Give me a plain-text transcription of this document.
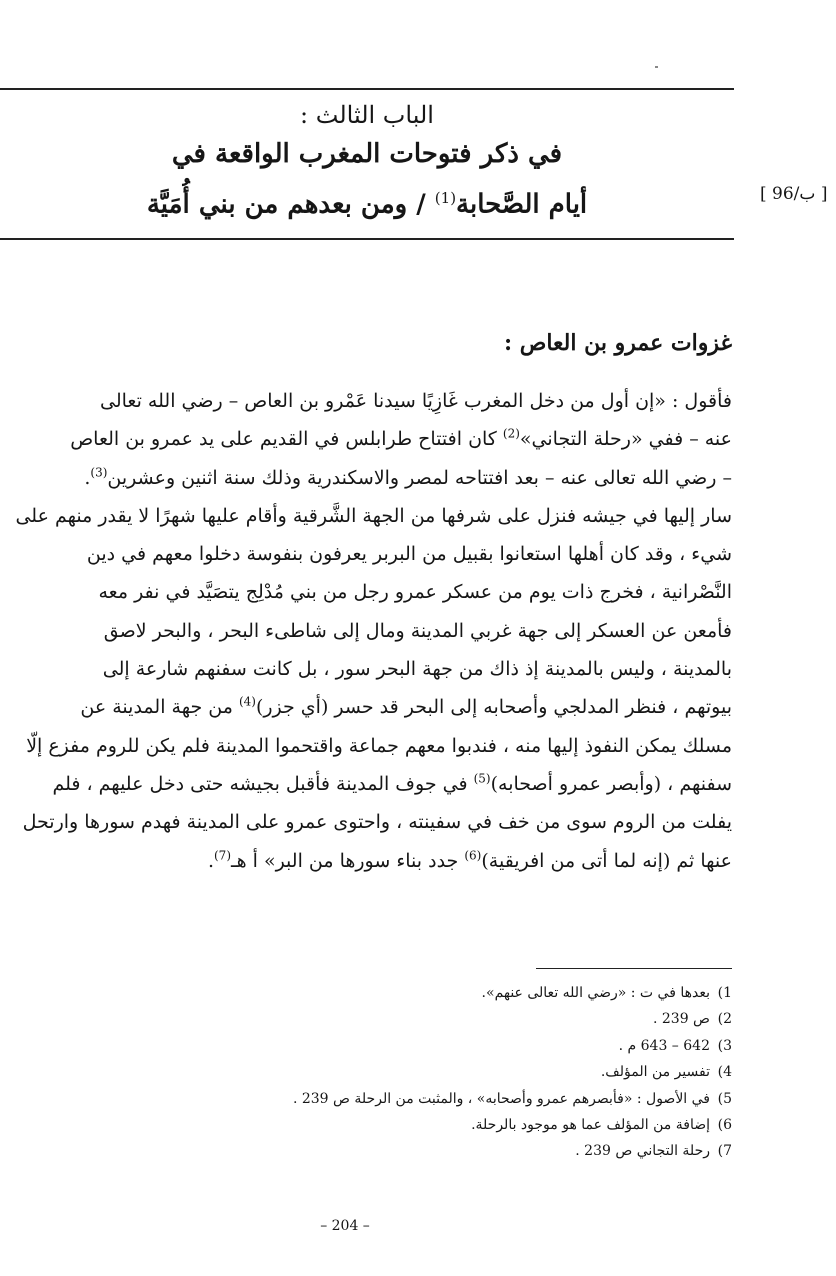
الباب الثالث :
في ذكر فتوحات المغرب الواقعة في
أيام الصَّحابة$^{(1)}$ / ومن بعدهم من بني أُمَيَّة	[ 96/ب ]
غزوات عمرو بن العاص :

فأقول : «إن أول من دخل المغرب غَازِيًا سيدنا عَمْرو بن العاص – رضي الله تعالى

عنه – ففي «رحلة التجاني»$^{(2)}$ كان افتتاح طرابلس في القديم على يد عمرو بن العاص

– رضي الله تعالى عنه – بعد افتتاحه لمصر والاسكندرية وذلك سنة اثنين وعشرين$^{(3)}$.

سار إليها في جيشه فنزل على شرفها من الجهة الشَّرقية وأقام عليها شهرًا لا يقدر منهم على

شيء ، وقد كان أهلها استعانوا بقبيل من البربر يعرفون بنفوسة دخلوا معهم في دين

النَّصْرانية ، فخرج ذات يوم من عسكر عمرو رجل من بني مُدْلِج يتصَيَّد في نفر معه

فأمعن عن العسكر إلى جهة غربي المدينة ومال إلى شاطىء البحر ، والبحر لاصق

بالمدينة ، وليس بالمدينة إذ ذاك من جهة البحر سور ، بل كانت سفنهم شارعة إلى

بيوتهم ، فنظر المدلجي وأصحابه إلى البحر قد حسر (أي جزر)$^{(4)}$ من جهة المدينة عن

مسلك يمكن النفوذ إليها منه ، فندبوا معهم جماعة واقتحموا المدينة فلم يكن للروم مفزع إلّا

سفنهم ، (وأبصر عمرو أصحابه)$^{(5)}$ في جوف المدينة فأقبل بجيشه حتى دخل عليهم ، فلم

يفلت من الروم سوى من خف في سفينته ، واحتوى عمرو على المدينة فهدم سورها وارتحل

عنها ثم (إنه لما أتى من افريقية)$^{(6)}$ جدد بناء سورها من البر» أ هـ$^{(7)}$.

1)بعدها في ت : «رضي الله تعالى عنهم».
2)ص 239 .
3)642 – 643 م .
4)تفسير من المؤلف.
5)في الأصول : «فأبصرهم عمرو وأصحابه» ، والمثبت من الرحلة ص 239 .
6)إضافة من المؤلف عما هو موجود بالرحلة.
7)رحلة التجاني ص 239 .
– 204 –
